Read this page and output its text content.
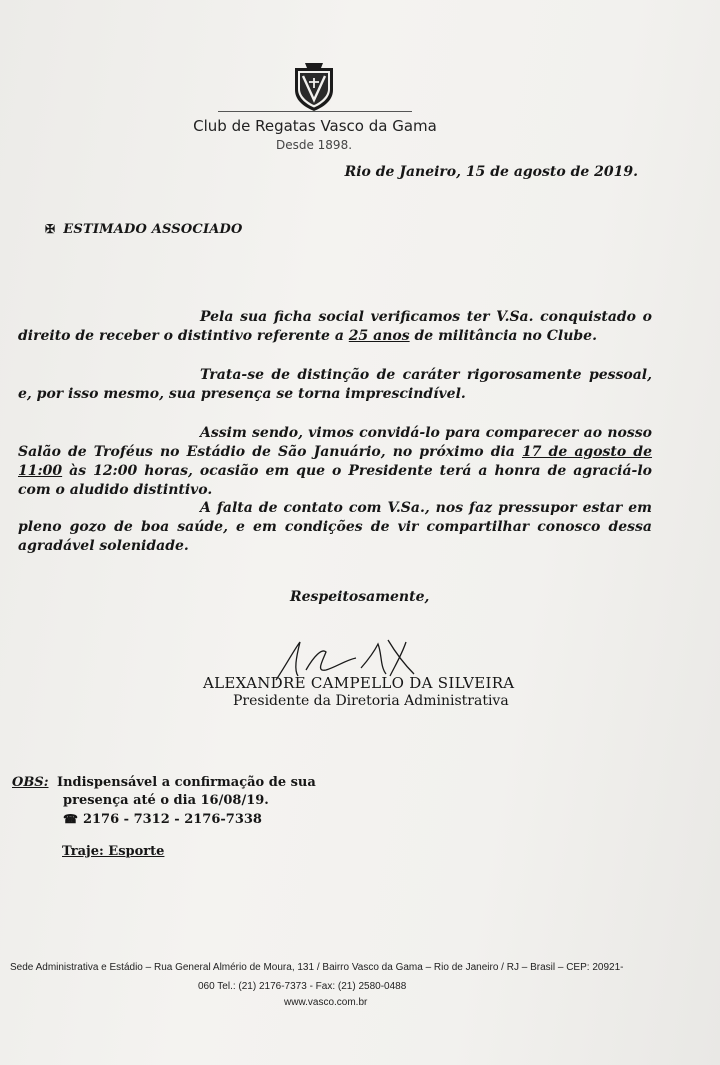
Club de Regatas Vasco da Gama
Desde 1898.
Rio de Janeiro, 15 de agosto de 2019.
✠ ESTIMADO ASSOCIADO
Pela sua ficha social verificamos ter V.Sa. conquistado o direito de receber o distintivo referente a 25 anos de militância no Clube.
Trata-se de distinção de caráter rigorosamente pessoal, e, por isso mesmo, sua presença se torna imprescindível.
Assim sendo, vimos convidá-lo para comparecer ao nosso Salão de Troféus no Estádio de São Januário, no próximo dia 17 de agosto de 11:00 às 12:00 horas, ocasião em que o Presidente terá a honra de agraciá-lo com o aludido distintivo.
A falta de contato com V.Sa., nos faz pressupor estar em pleno gozo de boa saúde, e em condições de vir compartilhar conosco dessa agradável solenidade.
Respeitosamente,
ALEXANDRE CAMPELLO DA SILVEIRA
Presidente da Diretoria Administrativa
OBS: Indispensável a confirmação de sua
presença até o dia 16/08/19.
☎ 2176 - 7312 - 2176-7338
Traje: Esporte
Sede Administrativa e Estádio – Rua General Almério de Moura, 131 / Bairro Vasco da Gama – Rio de Janeiro / RJ – Brasil – CEP: 20921-
060 Tel.: (21) 2176-7373 - Fax: (21) 2580-0488
www.vasco.com.br
